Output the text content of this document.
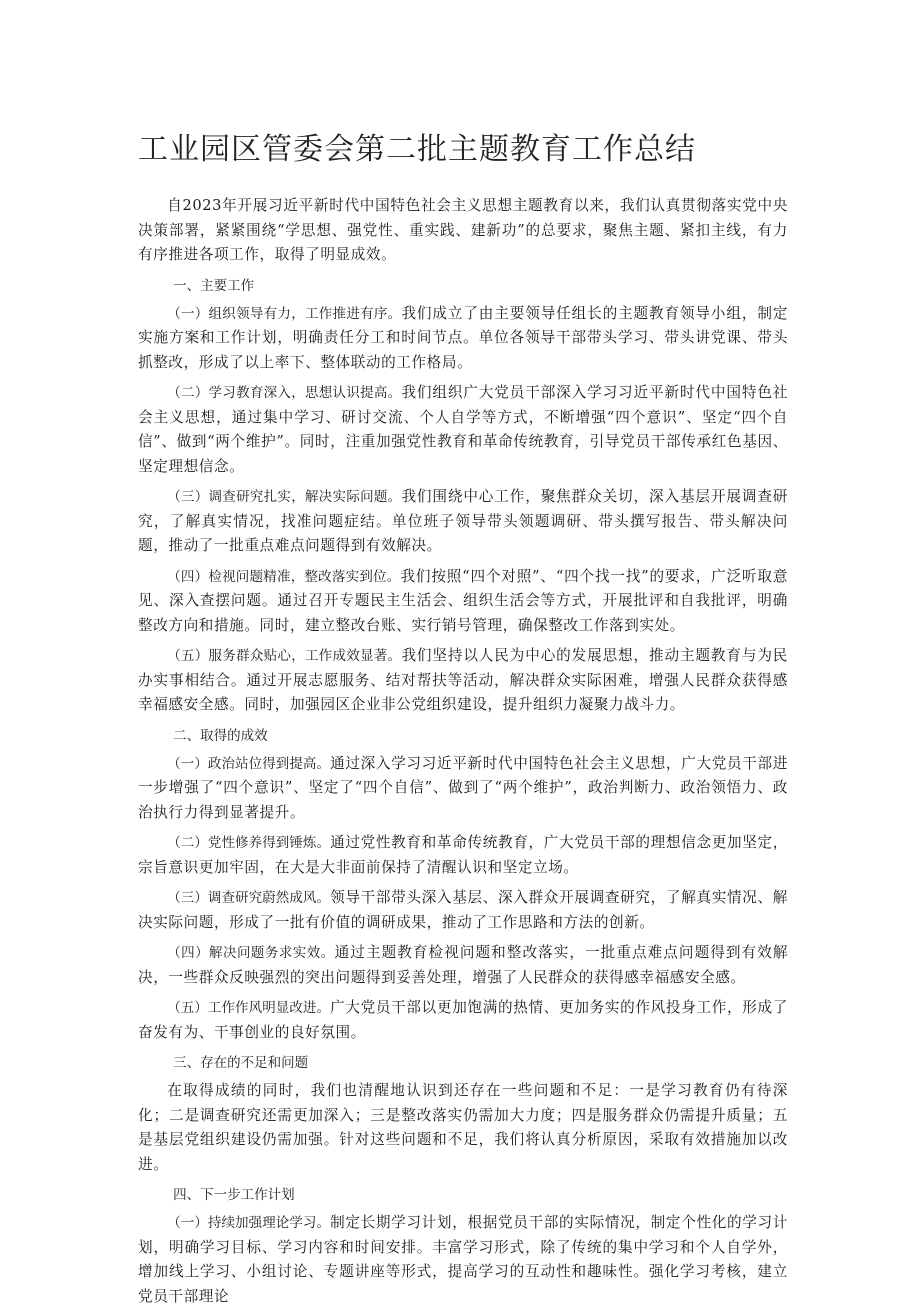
工业园区管委会第二批主题教育工作总结

自2023年开展习近平新时代中国特色社会主义思想主题教育以来，我们认真贯彻落实党中央决策部署，紧紧围绕“学思想、强党性、重实践、建新功”的总要求，聚焦主题、紧扣主线，有力有序推进各项工作，取得了明显成效。

一、主要工作

（一）组织领导有力，工作推进有序。我们成立了由主要领导任组长的主题教育领导小组，制定实施方案和工作计划，明确责任分工和时间节点。单位各领导干部带头学习、带头讲党课、带头抓整改，形成了以上率下、整体联动的工作格局。

（二）学习教育深入，思想认识提高。我们组织广大党员干部深入学习习近平新时代中国特色社会主义思想，通过集中学习、研讨交流、个人自学等方式，不断增强“四个意识”、坚定“四个自信”、做到“两个维护”。同时，注重加强党性教育和革命传统教育，引导党员干部传承红色基因、坚定理想信念。

（三）调查研究扎实，解决实际问题。我们围绕中心工作，聚焦群众关切，深入基层开展调查研究，了解真实情况，找准问题症结。单位班子领导带头领题调研、带头撰写报告、带头解决问题，推动了一批重点难点问题得到有效解决。

（四）检视问题精准，整改落实到位。我们按照“四个对照”、“四个找一找”的要求，广泛听取意见、深入查摆问题。通过召开专题民主生活会、组织生活会等方式，开展批评和自我批评，明确整改方向和措施。同时，建立整改台账、实行销号管理，确保整改工作落到实处。

（五）服务群众贴心，工作成效显著。我们坚持以人民为中心的发展思想，推动主题教育与为民办实事相结合。通过开展志愿服务、结对帮扶等活动，解决群众实际困难，增强人民群众获得感幸福感安全感。同时，加强园区企业非公党组织建设，提升组织力凝聚力战斗力。

二、取得的成效

（一）政治站位得到提高。通过深入学习习近平新时代中国特色社会主义思想，广大党员干部进一步增强了“四个意识”、坚定了“四个自信”、做到了“两个维护”，政治判断力、政治领悟力、政治执行力得到显著提升。

（二）党性修养得到锤炼。通过党性教育和革命传统教育，广大党员干部的理想信念更加坚定，宗旨意识更加牢固，在大是大非面前保持了清醒认识和坚定立场。

（三）调查研究蔚然成风。领导干部带头深入基层、深入群众开展调查研究，了解真实情况、解决实际问题，形成了一批有价值的调研成果，推动了工作思路和方法的创新。

（四）解决问题务求实效。通过主题教育检视问题和整改落实，一批重点难点问题得到有效解决，一些群众反映强烈的突出问题得到妥善处理，增强了人民群众的获得感幸福感安全感。

（五）工作作风明显改进。广大党员干部以更加饱满的热情、更加务实的作风投身工作，形成了奋发有为、干事创业的良好氛围。

三、存在的不足和问题

在取得成绩的同时，我们也清醒地认识到还存在一些问题和不足：一是学习教育仍有待深化；二是调查研究还需更加深入；三是整改落实仍需加大力度；四是服务群众仍需提升质量；五是基层党组织建设仍需加强。针对这些问题和不足，我们将认真分析原因，采取有效措施加以改进。

四、下一步工作计划

（一）持续加强理论学习。制定长期学习计划，根据党员干部的实际情况，制定个性化的学习计划，明确学习目标、学习内容和时间安排。丰富学习形式，除了传统的集中学习和个人自学外，增加线上学习、小组讨论、专题讲座等形式，提高学习的互动性和趣味性。强化学习考核，建立党员干部理论
